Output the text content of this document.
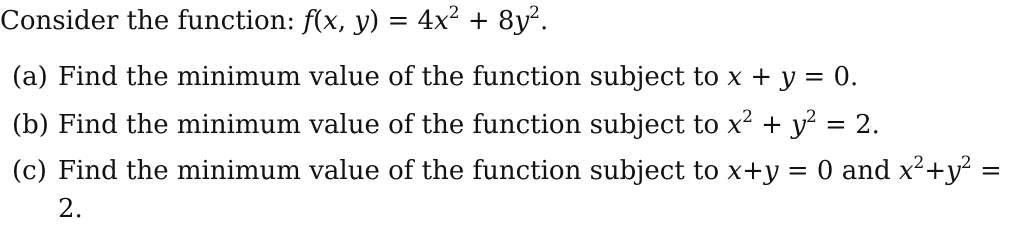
Consider the function: f(x, $y) = 4x^2 + 8y^2$.
(a) Find the minimum value of the function subject to x + y = 0.
(b) Find the minimum value of the function subject to $x^2 + y^2 = 2$.
(c) Find the minimum value of the function subject to x+y = 0 and $x^2+y^2$ =
2.
